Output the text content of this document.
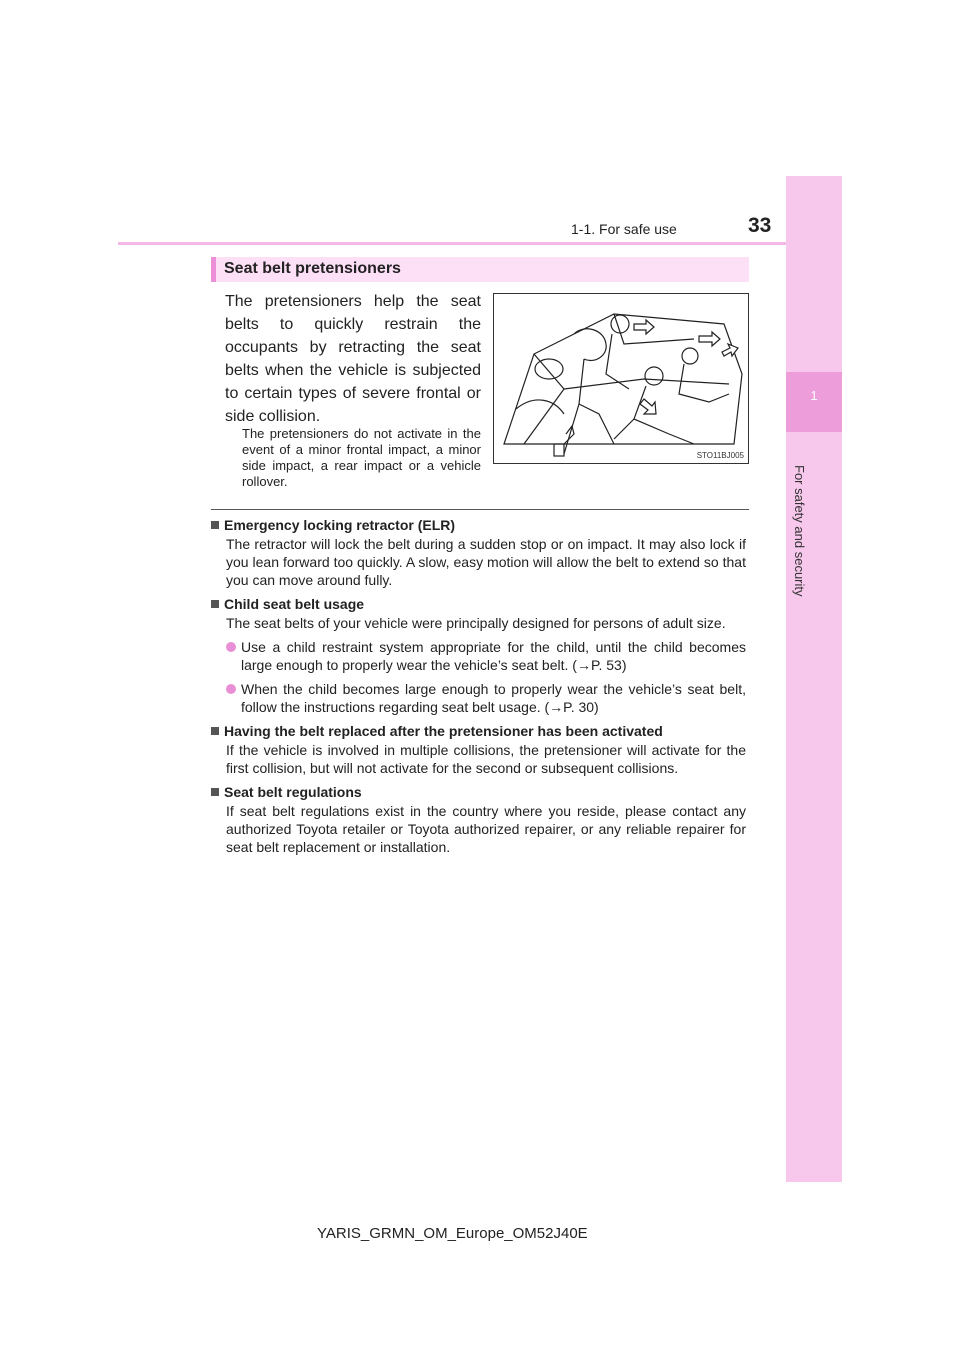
1-1. For safe use	33
1
For safety and security
Seat belt pretensioners
The pretensioners help the seat belts to quickly restrain the occupants by retracting the seat belts when the vehicle is subjected to certain types of severe frontal or side collision.
The pretensioners do not activate in the event of a minor frontal impact, a minor side impact, a rear impact or a vehicle rollover.
STO11BJ005
Emergency locking retractor (ELR)
The retractor will lock the belt during a sudden stop or on impact. It may also lock if you lean forward too quickly. A slow, easy motion will allow the belt to extend so that you can move around fully.
Child seat belt usage
The seat belts of your vehicle were principally designed for persons of adult size.
Use a child restraint system appropriate for the child, until the child becomes large enough to properly wear the vehicle’s seat belt. (→P. 53)
When the child becomes large enough to properly wear the vehicle’s seat belt, follow the instructions regarding seat belt usage. (→P. 30)
Having the belt replaced after the pretensioner has been activated
If the vehicle is involved in multiple collisions, the pretensioner will activate for the first collision, but will not activate for the second or subsequent collisions.
Seat belt regulations
If seat belt regulations exist in the country where you reside, please contact any authorized Toyota retailer or Toyota authorized repairer, or any reliable repairer for seat belt replacement or installation.
YARIS_GRMN_OM_Europe_OM52J40E
